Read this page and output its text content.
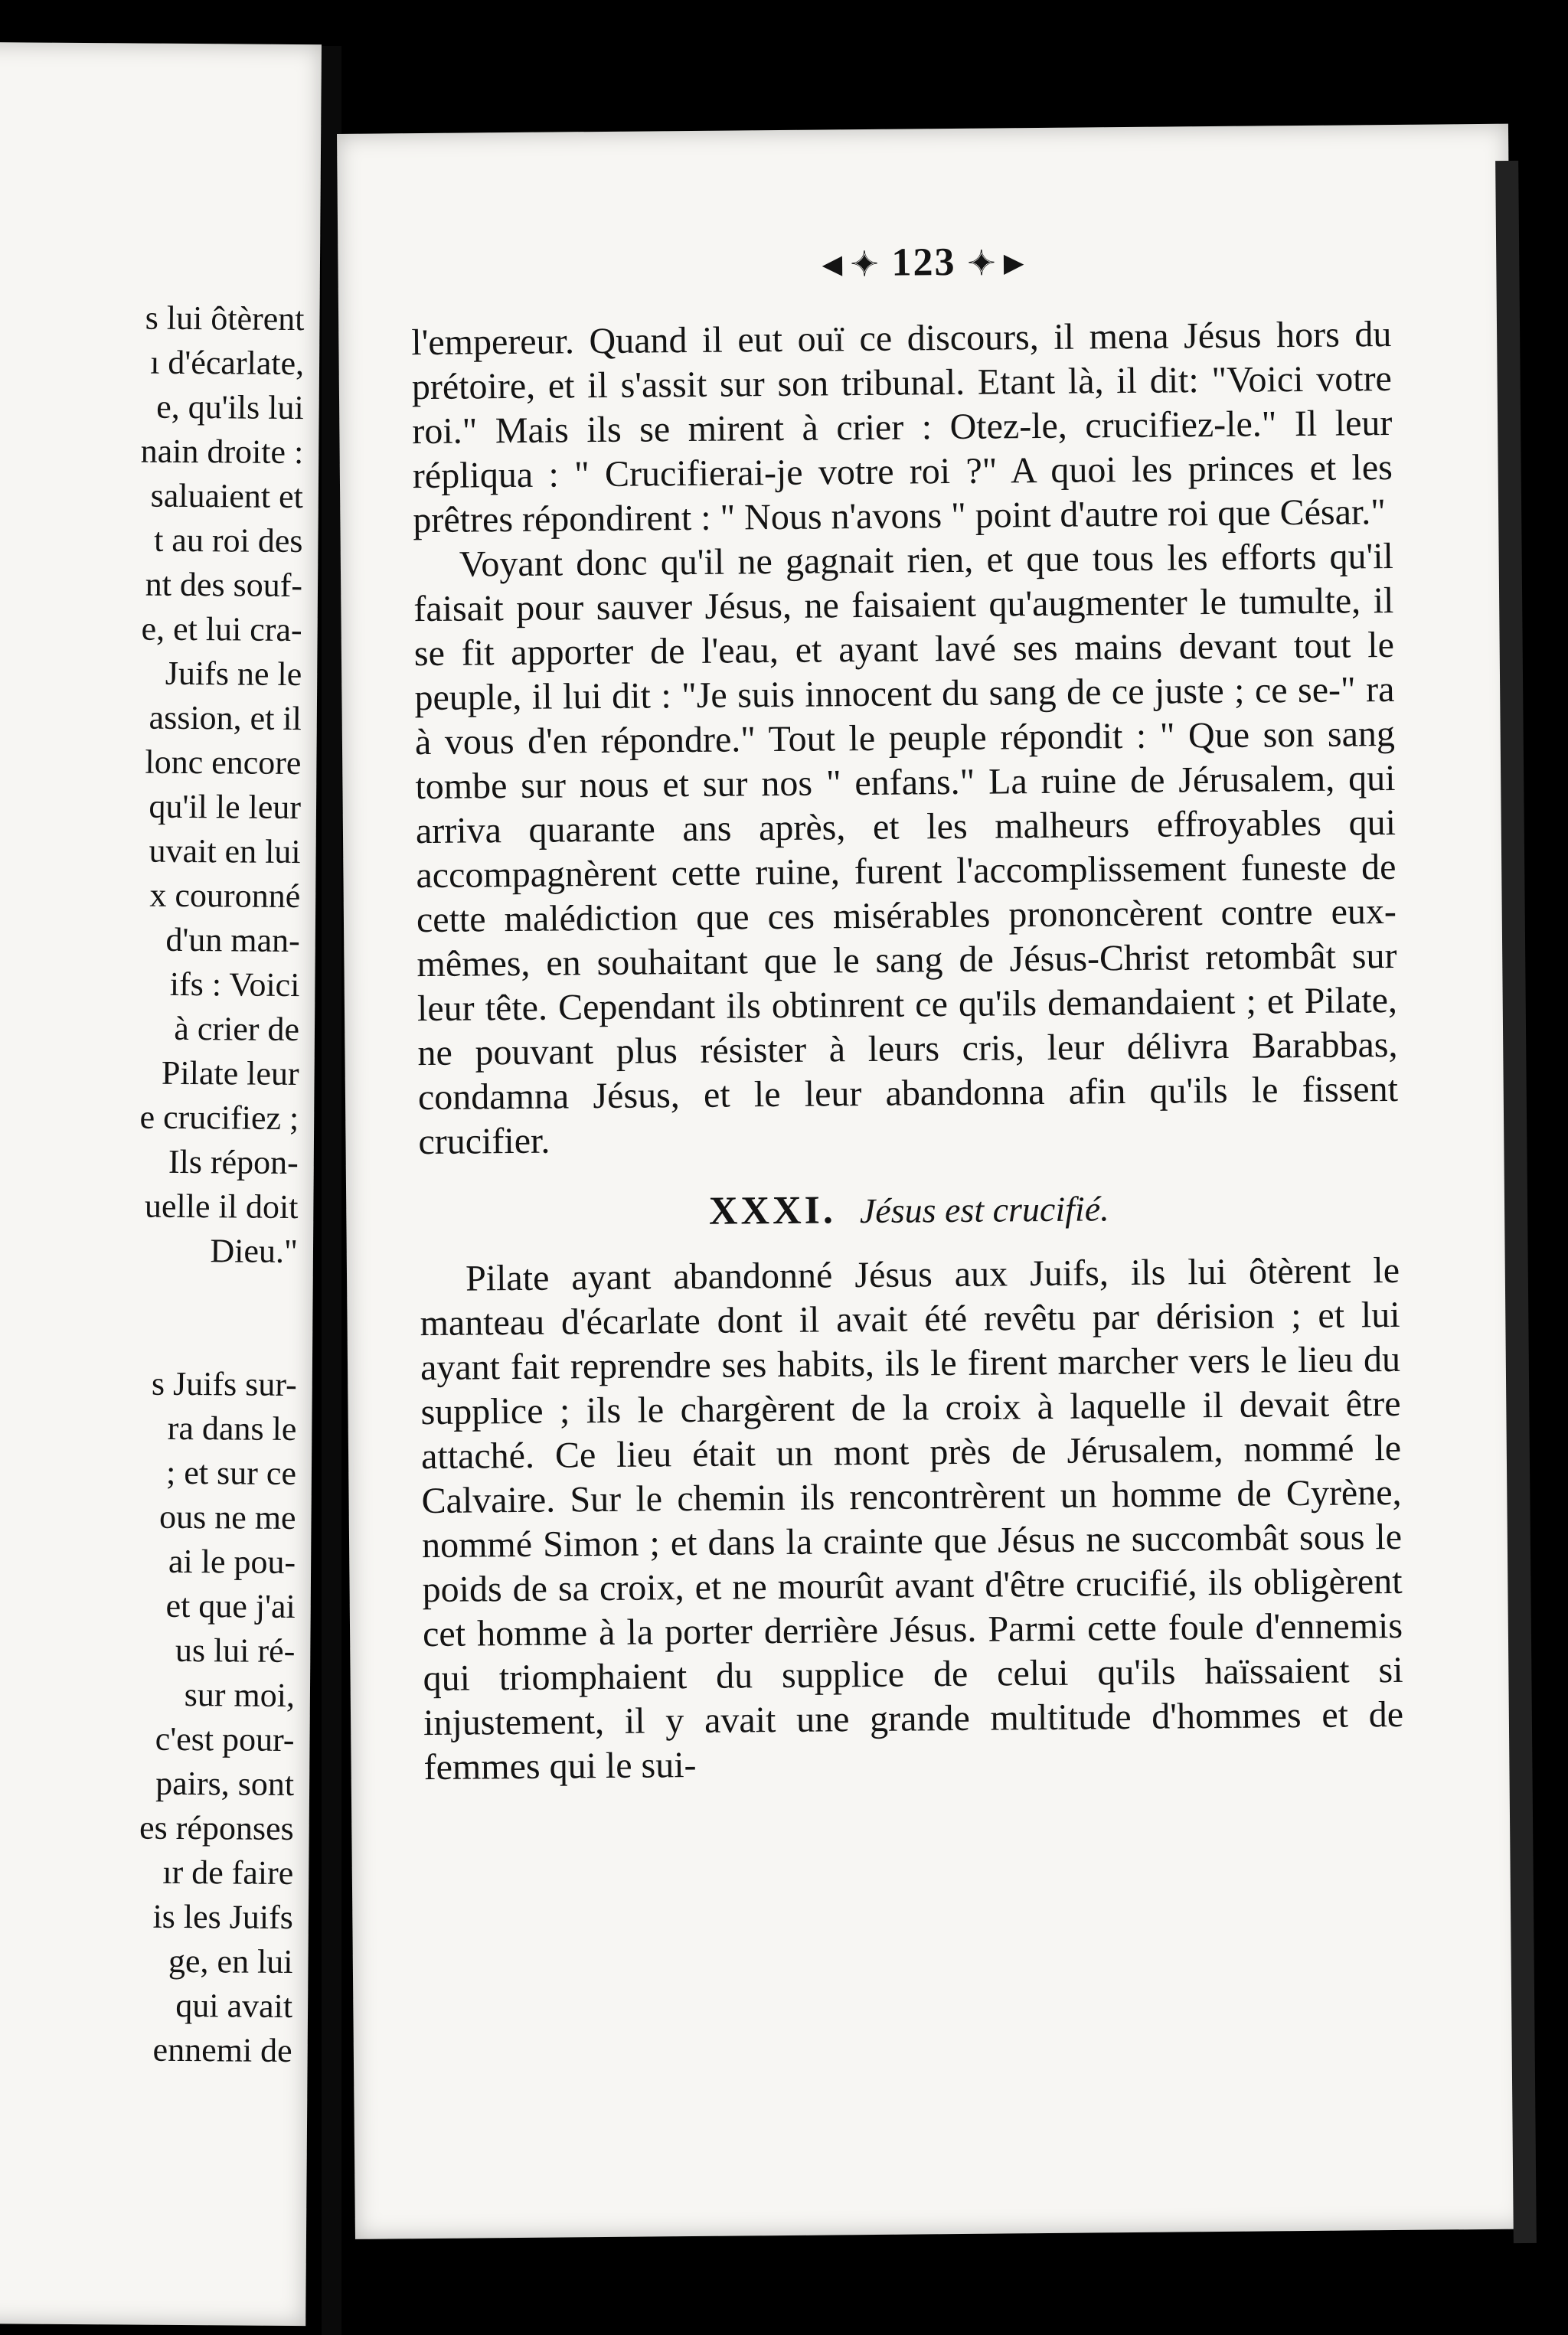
s lui ôtèrent
ı d'écarlate,
e, qu'ils lui
nain droite :
saluaient et
t au roi des
nt des souf-
e, et lui cra-
Juifs ne le
assion, et il
lonc encore
qu'il le leur
uvait en lui
x couronné
d'un man-
ifs : Voici
à crier de
Pilate leur
e crucifiez ;
Ils répon-
uelle il doit
Dieu."
s Juifs sur-
ra dans le
; et sur ce
ous ne me
ai le pou-
et que j'ai
us lui ré-
sur moi,
c'est pour-
pairs, sont
es réponses
ır de faire
is les Juifs
ge, en lui
qui avait
ennemi de
◄✦ 123 ✦►

l'empereur. Quand il eut ouï ce discours, il mena Jésus hors du prétoire, et il s'assit sur son tribunal. Etant là, il dit: "Voici votre roi." Mais ils se mirent à crier : Otez-le, crucifiez-le." Il leur répliqua : " Crucifierai-je votre roi ?" A quoi les princes et les prêtres répondirent : " Nous n'avons " point d'autre roi que César."

Voyant donc qu'il ne gagnait rien, et que tous les efforts qu'il faisait pour sauver Jésus, ne faisaient qu'augmenter le tumulte, il se fit apporter de l'eau, et ayant lavé ses mains devant tout le peuple, il lui dit : "Je suis innocent du sang de ce juste ; ce se-" ra à vous d'en répondre." Tout le peuple répondit : " Que son sang tombe sur nous et sur nos " enfans." La ruine de Jérusalem, qui arriva quarante ans après, et les malheurs effroyables qui accompagnèrent cette ruine, furent l'accomplissement funeste de cette malédiction que ces misérables prononcèrent contre eux-mêmes, en souhaitant que le sang de Jésus-Christ retombât sur leur tête. Cependant ils obtinrent ce qu'ils demandaient ; et Pilate, ne pouvant plus résister à leurs cris, leur délivra Barabbas, condamna Jésus, et le leur abandonna afin qu'ils le fissent crucifier.

XXXI. Jésus est crucifié.

Pilate ayant abandonné Jésus aux Juifs, ils lui ôtèrent le manteau d'écarlate dont il avait été revêtu par dérision ; et lui ayant fait reprendre ses habits, ils le firent marcher vers le lieu du supplice ; ils le chargèrent de la croix à laquelle il devait être attaché. Ce lieu était un mont près de Jérusalem, nommé le Calvaire. Sur le chemin ils rencontrèrent un homme de Cyrène, nommé Simon ; et dans la crainte que Jésus ne succombât sous le poids de sa croix, et ne mourût avant d'être crucifié, ils obligèrent cet homme à la porter derrière Jésus. Parmi cette foule d'ennemis qui triomphaient du supplice de celui qu'ils haïssaient si injustement, il y avait une grande multitude d'hommes et de femmes qui le sui-
